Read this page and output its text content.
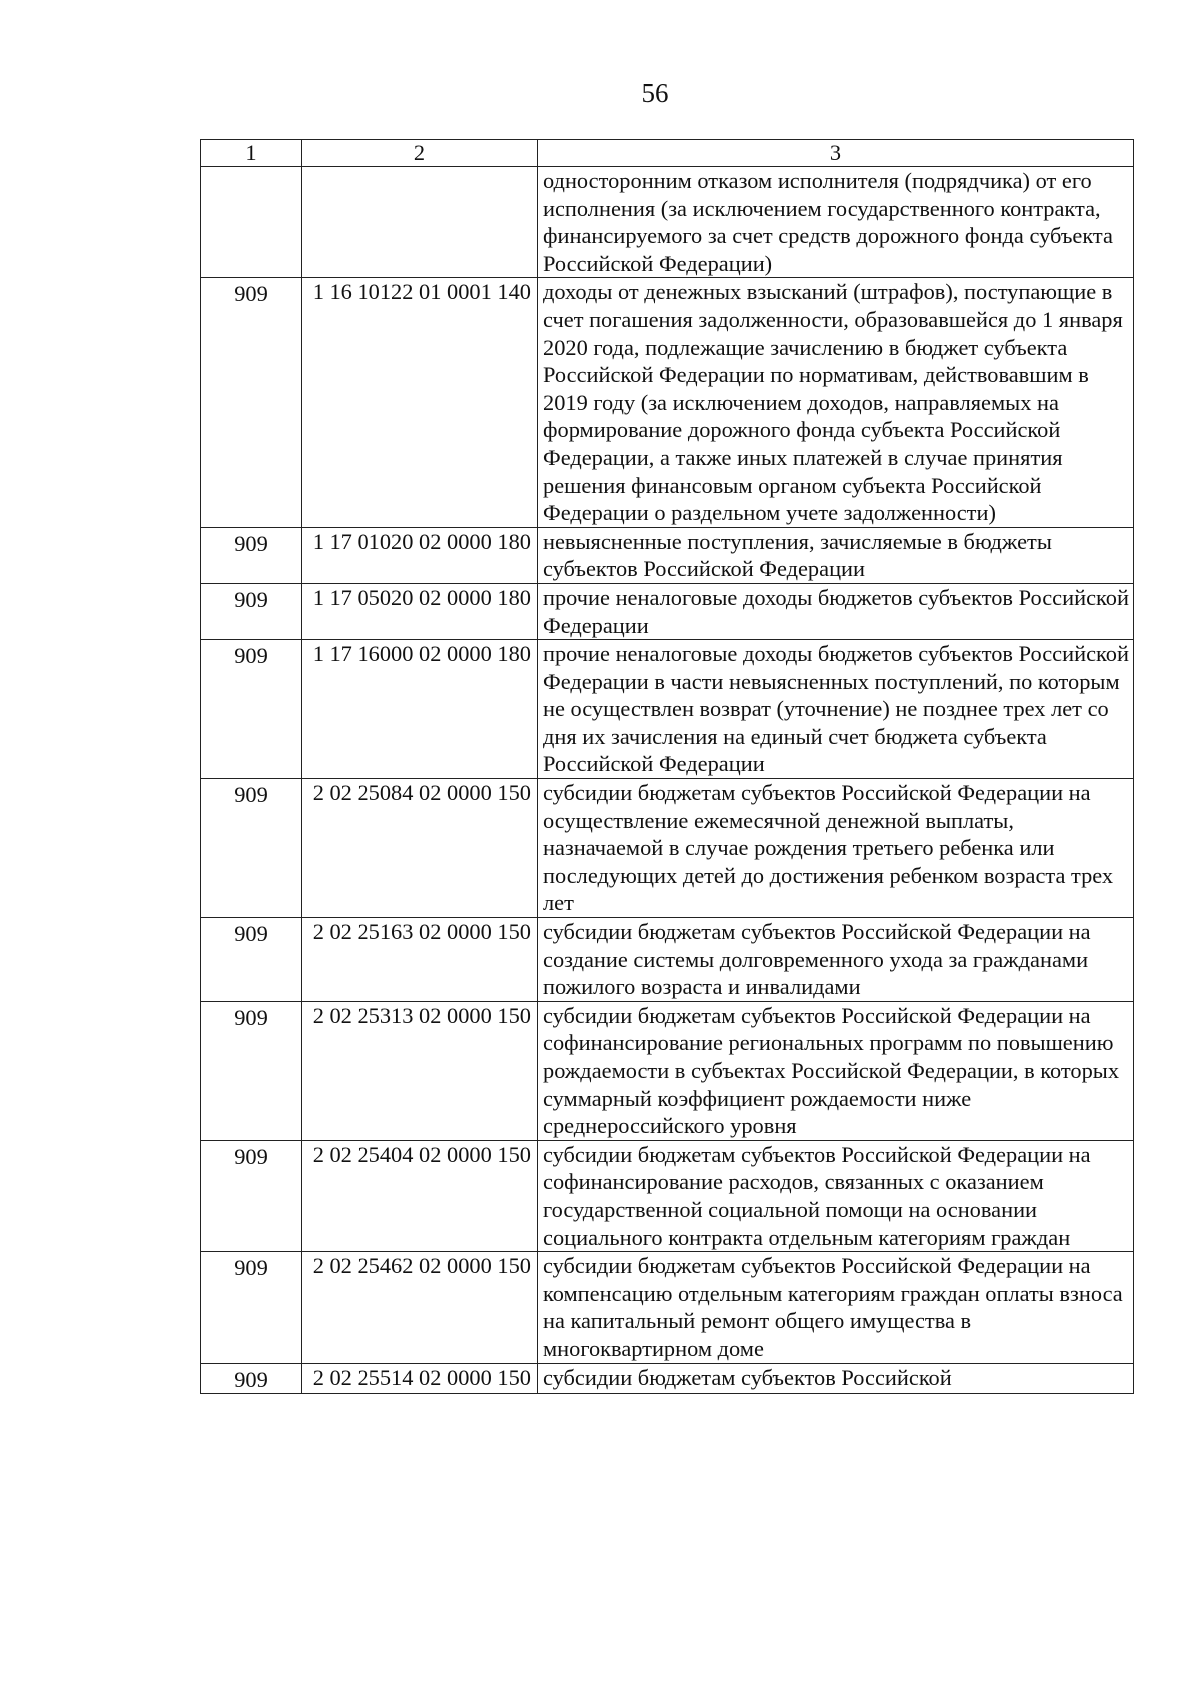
56
1	2	3
		односторонним отказом исполнителя (подрядчика) от его исполнения (за исключением государственного контракта, финансируемого за счет средств дорожного фонда субъекта Российской Федерации)
909	1 16 10122 01 0001 140	доходы от денежных взысканий (штрафов), поступающие в счет погашения задолженности, образовавшейся до 1 января 2020 года, подлежащие зачислению в бюджет субъекта Российской Федерации по нормативам, действовавшим в 2019 году (за исключением доходов, направляемых на формирование дорожного фонда субъекта Российской Федерации, а также иных платежей в случае принятия решения финансовым органом субъекта Российской Федерации о раздельном учете задолженности)
909	1 17 01020 02 0000 180	невыясненные поступления, зачисляемые в бюджеты субъектов Российской Федерации
909	1 17 05020 02 0000 180	прочие неналоговые доходы бюджетов субъектов Российской Федерации
909	1 17 16000 02 0000 180	прочие неналоговые доходы бюджетов субъектов Российской Федерации в части невыясненных поступлений, по которым не осуществлен возврат (уточнение) не позднее трех лет со дня их зачисления на единый счет бюджета субъекта Российской Федерации
909	2 02 25084 02 0000 150	субсидии бюджетам субъектов Российской Федерации на осуществление ежемесячной денежной выплаты, назначаемой в случае рождения третьего ребенка или последующих детей до достижения ребенком возраста трех лет
909	2 02 25163 02 0000 150	субсидии бюджетам субъектов Российской Федерации на создание системы долговременного ухода за гражданами пожилого возраста и инвалидами
909	2 02 25313 02 0000 150	субсидии бюджетам субъектов Российской Федерации на софинансирование региональных программ по повышению рождаемости в субъектах Российской Федерации, в которых суммарный коэффициент рождаемости ниже среднероссийского уровня
909	2 02 25404 02 0000 150	субсидии бюджетам субъектов Российской Федерации на софинансирование расходов, связанных с оказанием государственной социальной помощи на основании социального контракта отдельным категориям граждан
909	2 02 25462 02 0000 150	субсидии бюджетам субъектов Российской Федерации на компенсацию отдельным категориям граждан оплаты взноса на капитальный ремонт общего имущества в многоквартирном доме
909	2 02 25514 02 0000 150	субсидии бюджетам субъектов Российской
